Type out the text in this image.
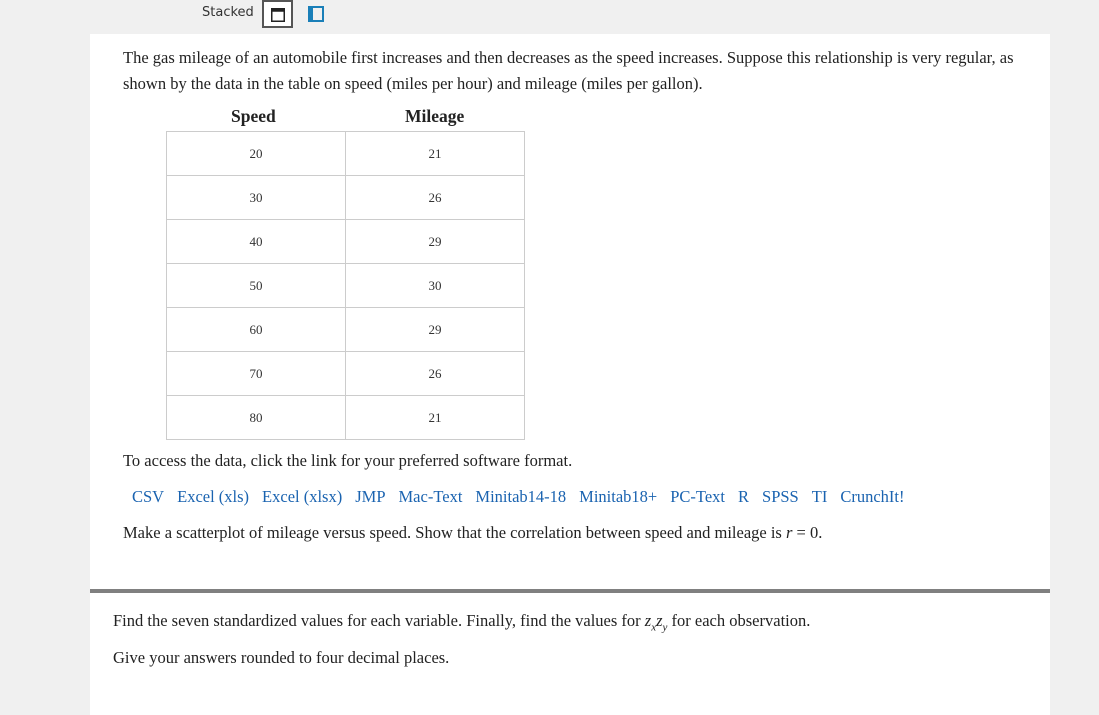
Stacked
The gas mileage of an automobile first increases and then decreases as the speed increases. Suppose this relationship is very regular, as shown by the data in the table on speed (miles per hour) and mileage (miles per gallon).
Speed	Mileage
20	21
30	26
40	29
50	30
60	29
70	26
80	21
To access the data, click the link for your preferred software format.
CSV Excel (xls) Excel (xlsx) JMP Mac-Text Minitab14-18 Minitab18+ PC-Text R SPSS TI CrunchIt!
Make a scatterplot of mileage versus speed. Show that the correlation between speed and mileage is r = 0.
Find the seven standardized values for each variable. Finally, find the values for $z_xz_y$ for each observation.
Give your answers rounded to four decimal places.
